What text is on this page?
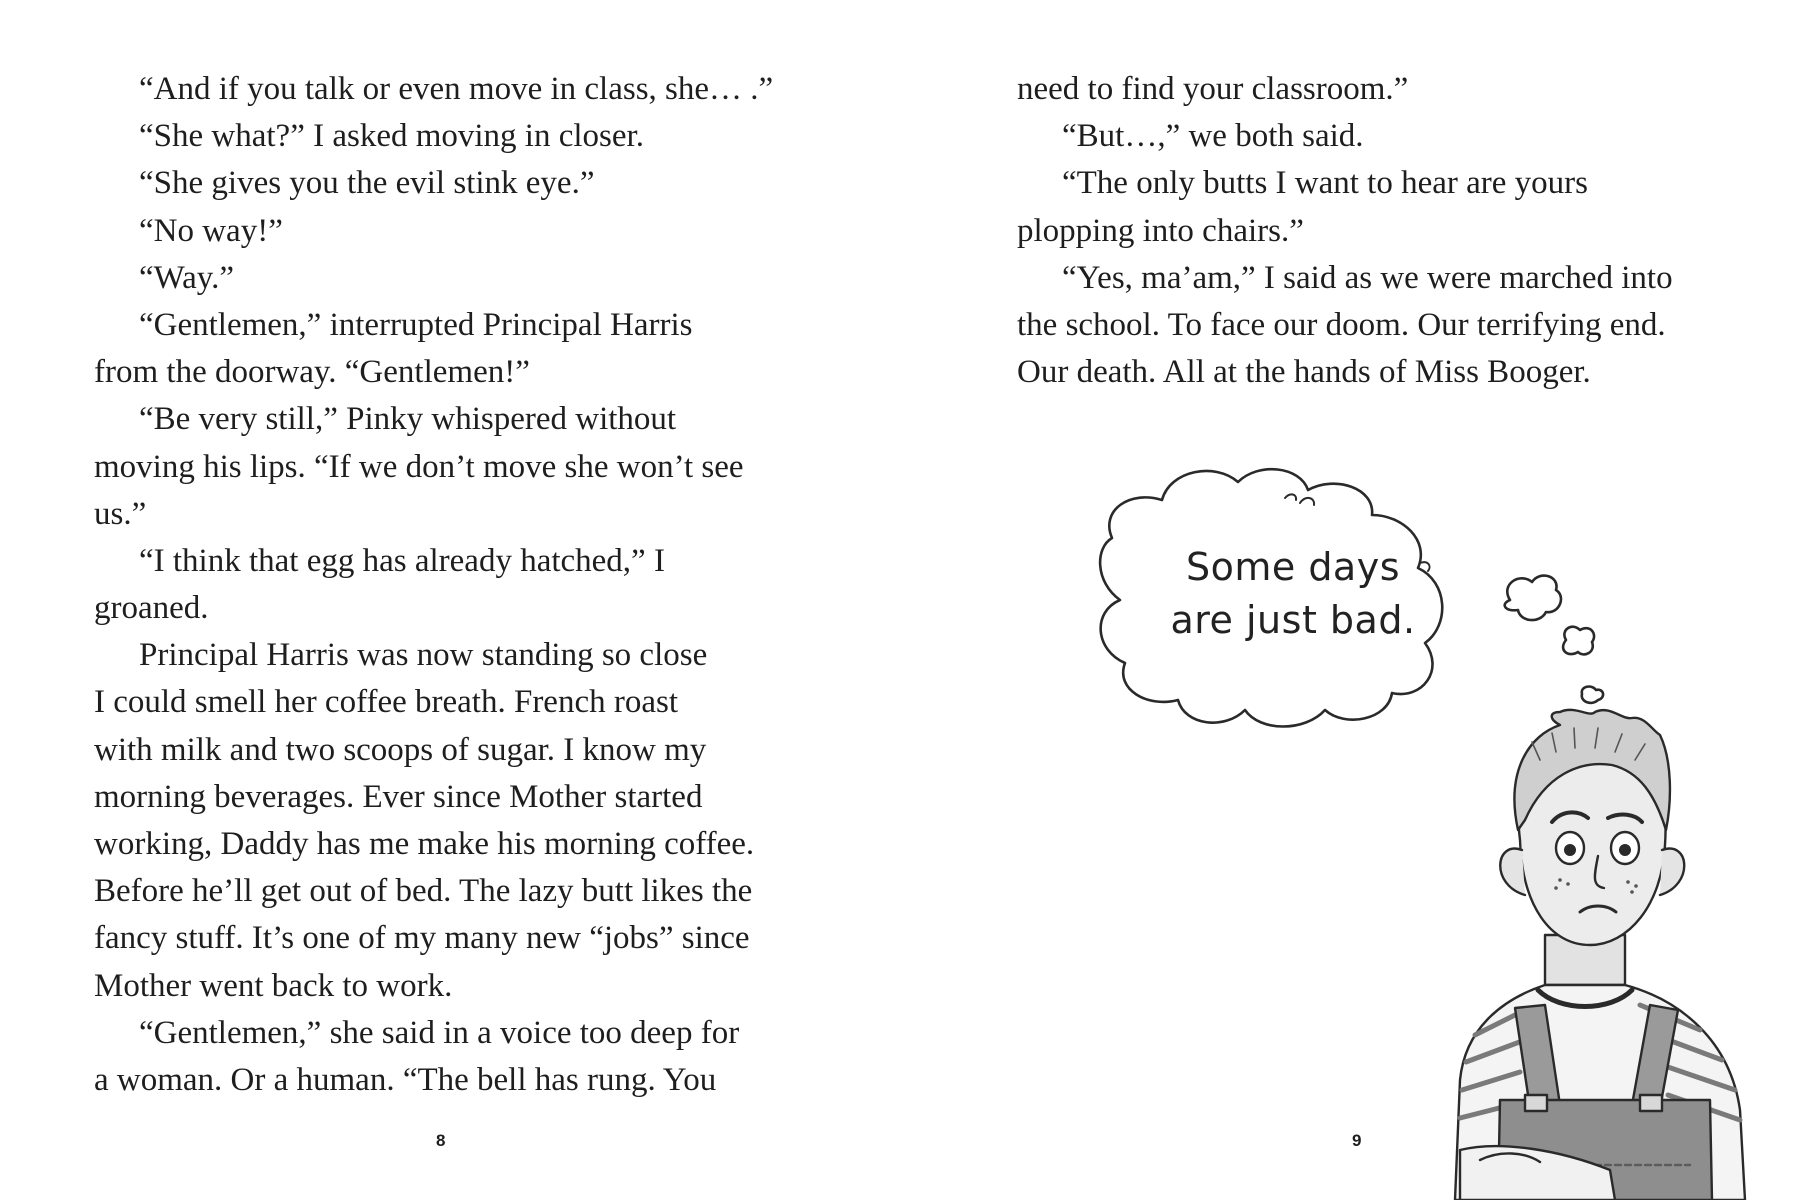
“And if you talk or even move in class, she… .”
“She what?” I asked moving in closer.
“She gives you the evil stink eye.”
“No way!”
“Way.”
“Gentlemen,” interrupted Principal Harris
from the doorway. “Gentlemen!”
“Be very still,” Pinky whispered without
moving his lips. “If we don’t move she won’t see
us.”
“I think that egg has already hatched,” I
groaned.
Principal Harris was now standing so close
I could smell her coffee breath. French roast
with milk and two scoops of sugar. I know my
morning beverages. Ever since Mother started
working, Daddy has me make his morning coffee.
Before he’ll get out of bed. The lazy butt likes the
fancy stuff. It’s one of my many new “jobs” since
Mother went back to work.
“Gentlemen,” she said in a voice too deep for
a woman. Or a human. “The bell has rung. You
8
need to find your classroom.”
“But…,” we both said.
“The only butts I want to hear are yours
plopping into chairs.”
“Yes, ma’am,” I said as we were marched into
the school. To face our doom. Our terrifying end.
Our death. All at the hands of Miss Booger.
9
Some days
are just bad.
